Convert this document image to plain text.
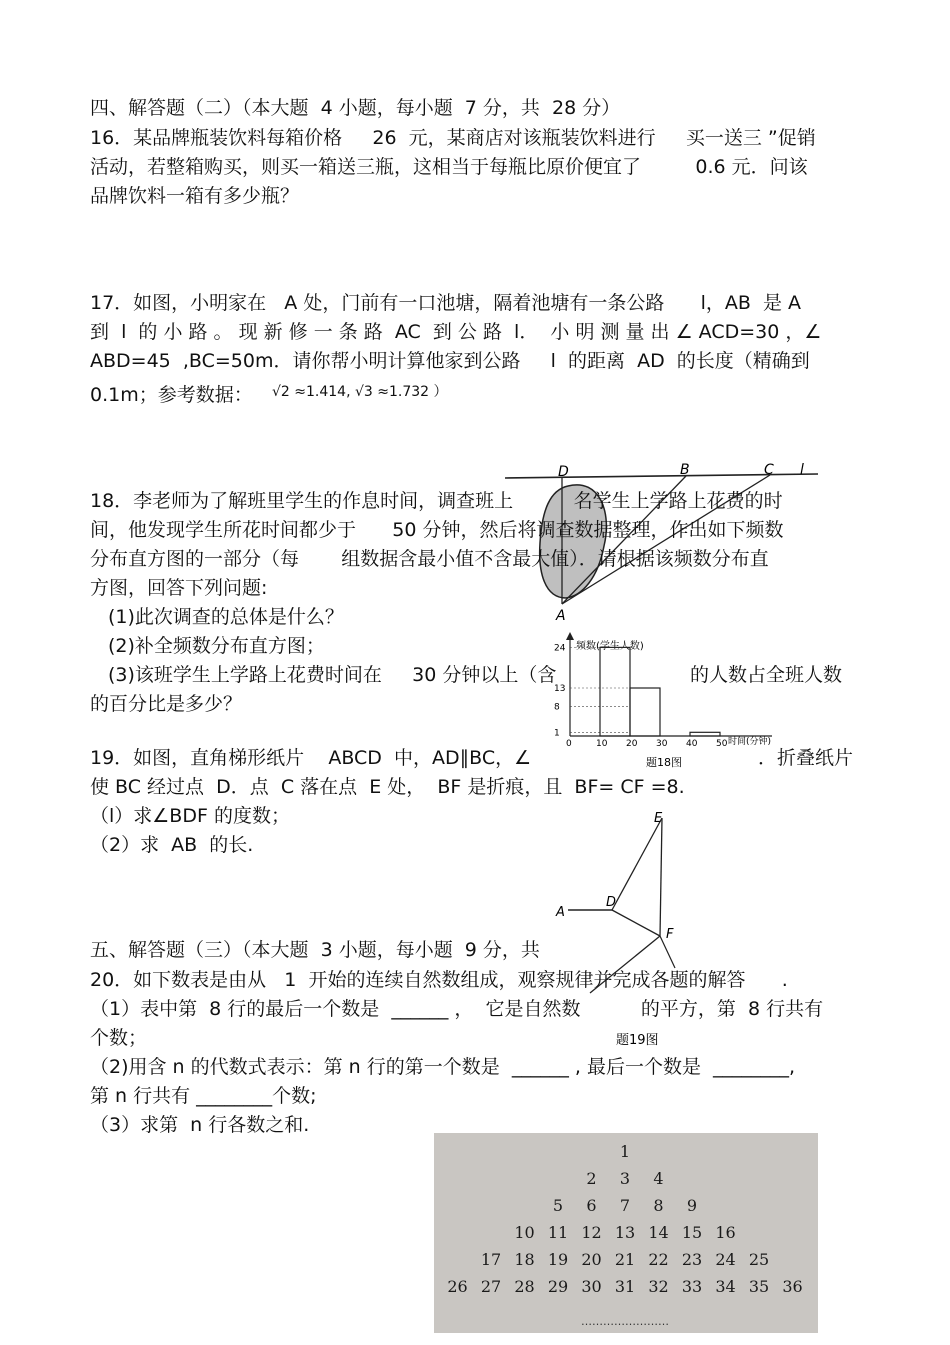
四、解答题（二）（本大题  4 小题，每小题  7 分，共  28 分）
16．某品牌瓶装饮料每箱价格     26  元，某商店对该瓶装饮料进行     买一送三 ”促销
活动，若整箱购买，则买一箱送三瓶，这相当于每瓶比原价便宜了         0.6 元．问该
品牌饮料一箱有多少瓶？
17．如图，小明家在   A 处，门前有一口池塘，隔着池塘有一条公路      l，AB  是 A
到  l  的 小 路 。 现 新 修 一 条 路  AC  到 公 路  l．  小 明 测 量 出 ∠ ACD=30 ，∠
ABD=45  ,BC=50m．请你帮小明计算他家到公路     l  的距离  AD  的长度（精确到
0.1m；参考数据： √2 ≈1.414, √3 ≈1.732 ）
D	B	C l
A
18．李老师为了解班里学生的作息时间，调查班上          名学生上学路上花费的时
间，他发现学生所花时间都少于      50 分钟，然后将调查数据整理，作出如下频数
分布直方图的一部分（每       组数据含最小值不含最大值）．请根据该频数分布直
方图，回答下列问题:
(1)此次调查的总体是什么？
(2)补全频数分布直方图；
(3)该班学生上学路上花费时间在     30 分钟以上（含	的人数占全班人数
的百分比是多少？
频数(学生人数)
时间(分钟)
0	10 20 30 40 50
24
13
8
1
题18图
19．如图，直角梯形纸片    ABCD  中，AD∥BC，∠	．折叠纸片
使 BC 经过点  D．点  C 落在点  E 处，  BF 是折痕，且  BF= CF =8.
（l）求∠BDF 的度数；
（2）求  AB  的长.
E
D
F
A
题19图
五、解答题（三）（本大题  3 小题，每小题  9 分，共
20．如下数表是由从   1  开始的连续自然数组成，观察规律并完成各题的解答      .
（1）表中第  8 行的最后一个数是  ______ ，  它是自然数          的平方，第  8 行共有
个数；
（2)用含 n 的代数式表示：第 n 行的第一个数是  ______ , 最后一个数是  ________,
第 n 行共有 ________个数;
（3）求第  n 行各数之和.
1
2 3 4
5 6 7 8 9
10 11 12 13 14 15 16
17 18 19 20 21 22 23 24 25
26 27 28 29 30 31 32 33 34 35 36
……………………
